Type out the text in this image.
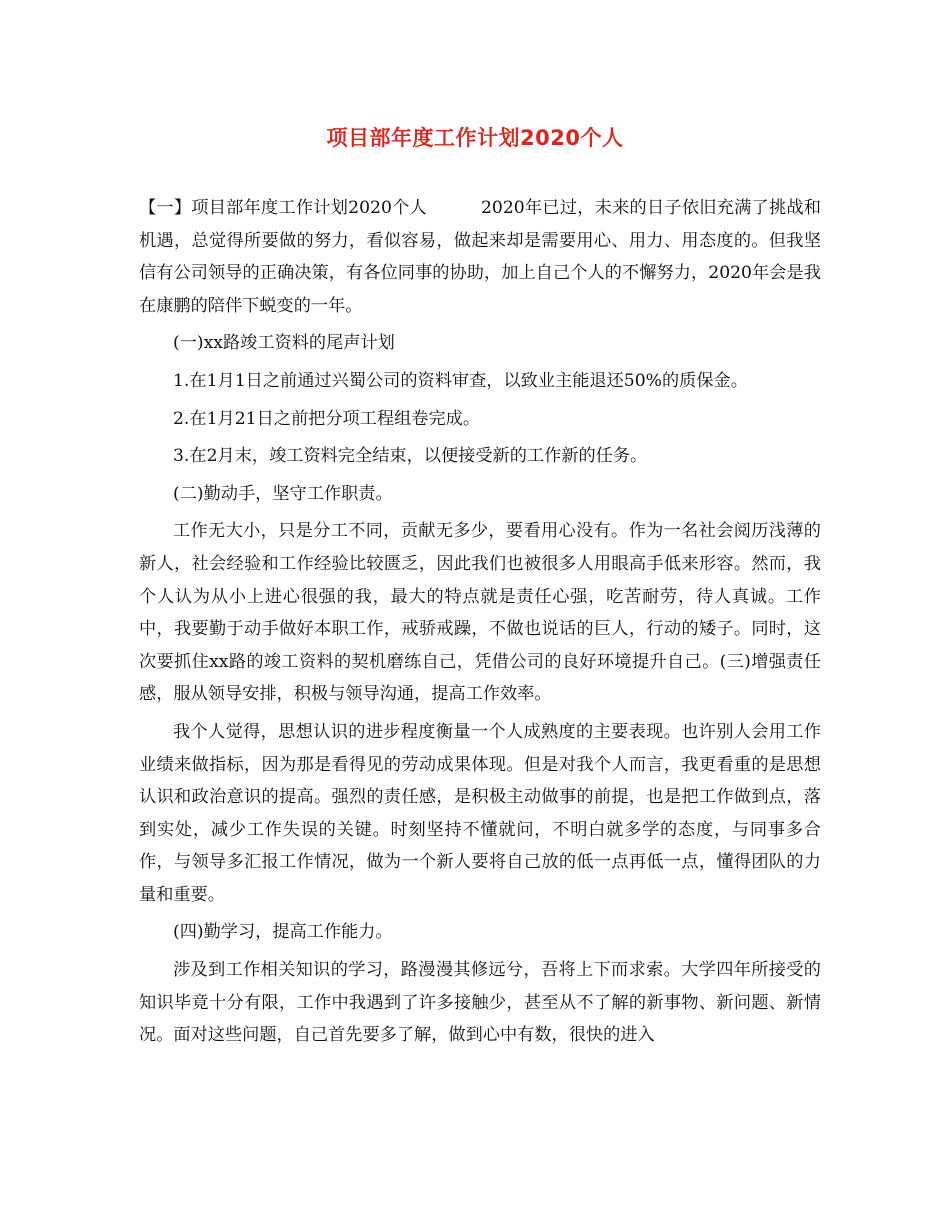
项目部年度工作计划2020个人

【一】项目部年度工作计划2020个人	2020年已过，未来的日子依旧充满了挑战和机遇，总觉得所要做的努力，看似容易，做起来却是需要用心、用力、用态度的。但我坚信有公司领导的正确决策，有各位同事的协助，加上自己个人的不懈努力，2020年会是我在康鹏的陪伴下蜕变的一年。

(一)xx路竣工资料的尾声计划

1.在1月1日之前通过兴蜀公司的资料审查，以致业主能退还50%的质保金。

2.在1月21日之前把分项工程组卷完成。

3.在2月末，竣工资料完全结束，以便接受新的工作新的任务。

(二)勤动手，坚守工作职责。

工作无大小，只是分工不同，贡献无多少，要看用心没有。作为一名社会阅历浅薄的新人，社会经验和工作经验比较匮乏，因此我们也被很多人用眼高手低来形容。然而，我个人认为从小上进心很强的我，最大的特点就是责任心强，吃苦耐劳，待人真诚。工作中，我要勤于动手做好本职工作，戒骄戒躁，不做也说话的巨人，行动的矮子。同时，这次要抓住xx路的竣工资料的契机磨练自己，凭借公司的良好环境提升自己。(三)增强责任感，服从领导安排，积极与领导沟通，提高工作效率。

我个人觉得，思想认识的进步程度衡量一个人成熟度的主要表现。也许别人会用工作业绩来做指标，因为那是看得见的劳动成果体现。但是对我个人而言，我更看重的是思想认识和政治意识的提高。强烈的责任感，是积极主动做事的前提，也是把工作做到点，落到实处，减少工作失误的关键。时刻坚持不懂就问，不明白就多学的态度，与同事多合作，与领导多汇报工作情况，做为一个新人要将自己放的低一点再低一点，懂得团队的力量和重要。

(四)勤学习，提高工作能力。

涉及到工作相关知识的学习，路漫漫其修远兮，吾将上下而求索。大学四年所接受的知识毕竟十分有限，工作中我遇到了许多接触少，甚至从不了解的新事物、新问题、新情况。面对这些问题，自己首先要多了解，做到心中有数，很快的进入
